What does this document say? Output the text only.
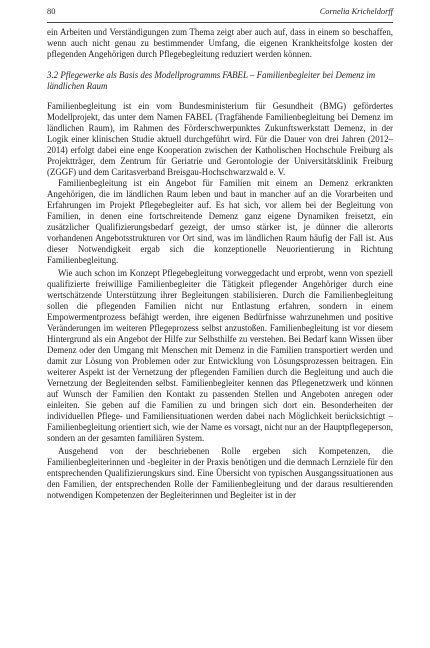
80	Cornelia Kricheldorff

ein Arbeiten und Verständigungen zum Thema zeigt aber auch auf, dass in einem so beschaffen, wenn auch nicht genau zu bestimmender Umfang, die eigenen Krankheitsfolge kosten der pflegenden Angehörigen durch Pflegebegleitung reduziert werden können.

3.2 Pflegewerke als Basis des Modellprogramms FABEL – Familienbegleiter bei Demenz im ländlichen Raum

Familienbegleitung ist ein vom Bundesministerium für Gesundheit (BMG) gefördertes Modellprojekt, das unter dem Namen FABEL (Tragfähende Familienbegleitung bei Demenz im ländlichen Raum), im Rahmen des Förderschwerpunktes Zukunftswerkstatt Demenz, in der Logik einer klinischen Studie aktuell durchgeführt wird. Für die Dauer von drei Jahren (2012–2014) erfolgt dabei eine enge Kooperation zwischen der Katholischen Hochschule Freiburg als Projektträger, dem Zentrum für Geriatrie und Gerontologie der Universitätsklinik Freiburg (ZGGF) und dem Caritasverband Breisgau-Hochschwarzwald e. V.

Familienbegleitung ist ein Angebot für Familien mit einem an Demenz erkrankten Angehörigen, die im ländlichen Raum leben und baut in mancher auf an die Vorarbeiten und Erfahrungen im Projekt Pflegebegleiter auf. Es hat sich, vor allem bei der Begleitung von Familien, in denen eine fortschreitende Demenz ganz eigene Dynamiken freisetzt, ein zusätzlicher Qualifizierungsbedarf gezeigt, der umso stärker ist, je dünner die allerorts vorhandenen Angebotsstrukturen vor Ort sind, was im ländlichen Raum häufig der Fall ist. Aus dieser Notwendigkeit ergab sich die konzeptionelle Neuorientierung in Richtung Familienbegleitung.

Wie auch schon im Konzept Pflegebegleitung vorweggedacht und erprobt, wenn von speziell qualifizierte freiwillige Familienbegleiter die Tätigkeit pflegender Angehöriger durch eine wertschätzende Unterstützung ihrer Begleitungen stabilisieren. Durch die Familienbegleitung sollen die pflegenden Familien nicht nur Entlastung erfahren, sondern in einem Empowermentprozess befähigt werden, ihre eigenen Bedürfnisse wahrzunehmen und positive Veränderungen im weiteren Pflegeprozess selbst anzustoßen. Familienbegleitung ist vor diesem Hintergrund als ein Angebot der Hilfe zur Selbsthilfe zu verstehen. Bei Bedarf kann Wissen über Demenz oder den Umgang mit Menschen mit Demenz in die Familien transportiert werden und damit zur Lösung von Problemen oder zur Entwicklung von Lösungsprozessen beitragen. Ein weiterer Aspekt ist der Vernetzung der pflegenden Familien durch die Begleitung und auch die Vernetzung der Begleitenden selbst. Familienbegleiter kennen das Pflegenetzwerk und können auf Wunsch der Familien den Kontakt zu passenden Stellen und Angeboten anregen oder einleiten. Sie geben auf die Familien zu und bringen sich dort ein. Besonderheiten der individuellen Pflege- und Familiensituationen werden dabei nach Möglichkeit berücksichtigt – Familienbegleitung orientiert sich, wie der Name es vorsagt, nicht nur an der Hauptpflegeperson, sondern an der gesamten familiären System.

Ausgehend von der beschriebenen Rolle ergeben sich Kompetenzen, die Familienbegleiterinnen und -begleiter in der Praxis benötigen und die demnach Lernziele für den entsprechenden Qualifizierungskurs sind. Eine Übersicht von typischen Ausgangssituationen aus den Familien, der entsprechenden Rolle der Familienbegleitung und der daraus resultierenden notwendigen Kompetenzen der Begleiterinnen und Begleiter ist in der
